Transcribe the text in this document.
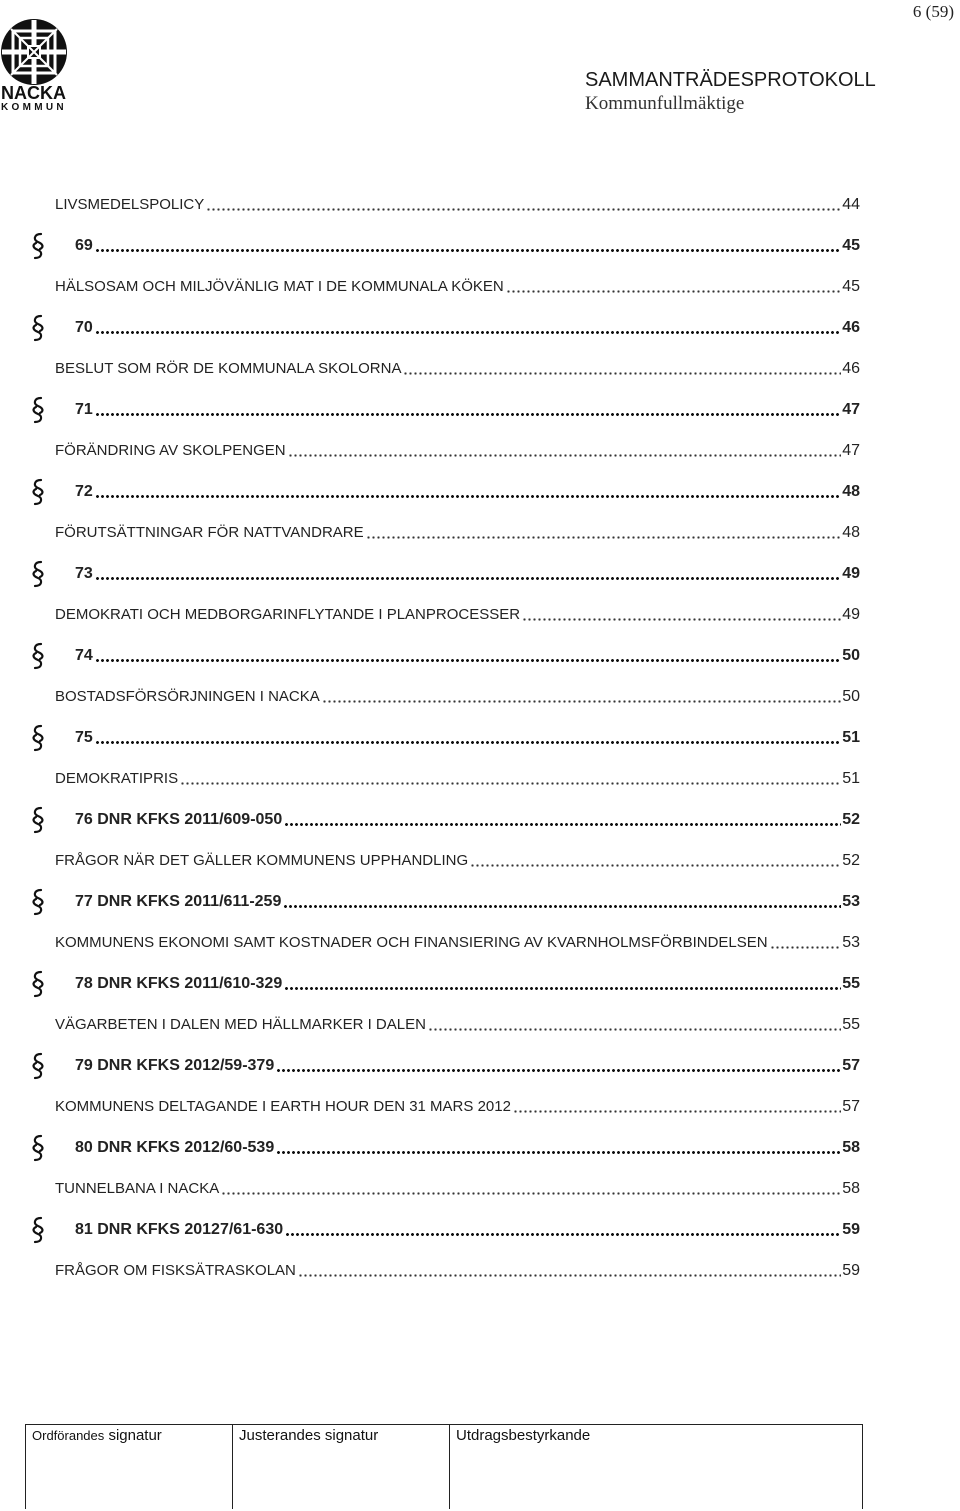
6 (59)
NACKA
KOMMUN
SAMMANTRÄDESPROTOKOLL
Kommunfullmäktige
LIVSMEDELSPOLICY	44
69	45
HÄLSOSAM OCH MILJÖVÄNLIG MAT I DE KOMMUNALA KÖKEN	45
70	46
BESLUT SOM RÖR DE KOMMUNALA SKOLORNA	46
71	47
FÖRÄNDRING AV SKOLPENGEN	47
72	48
FÖRUTSÄTTNINGAR FÖR NATTVANDRARE	48
73	49
DEMOKRATI OCH MEDBORGARINFLYTANDE I PLANPROCESSER	49
74	50
BOSTADSFÖRSÖRJNINGEN I NACKA	50
75	51
DEMOKRATIPRIS	51
76 DNR KFKS 2011/609-050	52
FRÅGOR NÄR DET GÄLLER KOMMUNENS UPPHANDLING	52
77 DNR KFKS 2011/611-259	53
KOMMUNENS EKONOMI SAMT KOSTNADER OCH FINANSIERING AV KVARNHOLMSFÖRBINDELSEN	53
78 DNR KFKS 2011/610-329	55
VÄGARBETEN I DALEN MED HÄLLMARKER I DALEN	55
79 DNR KFKS 2012/59-379	57
KOMMUNENS DELTAGANDE I EARTH HOUR DEN 31 MARS 2012	57
80 DNR KFKS 2012/60-539	58
TUNNELBANA I NACKA	58
81 DNR KFKS 20127/61-630	59
FRÅGOR OM FISKSÄTRASKOLAN	59
Ordförandes signatur	Justerandes signatur	Utdragsbestyrkande
